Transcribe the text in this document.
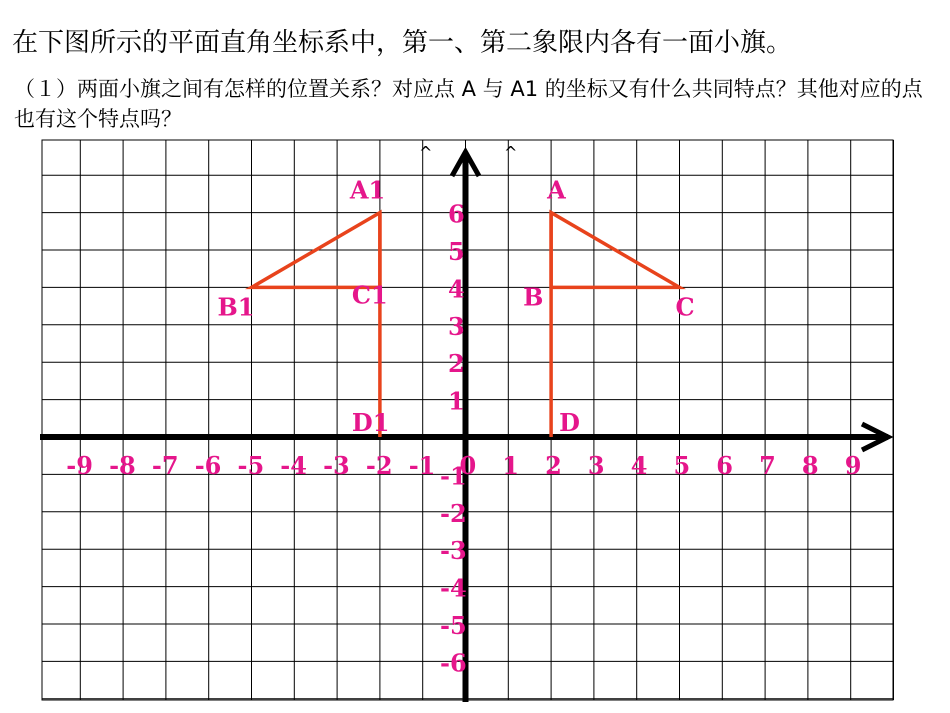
在下图所示的平面直角坐标系中，第一、第二象限内各有一面小旗。
（１）两面小旗之间有怎样的位置关系？对应点 A 与 A1 的坐标又有什么共同特点？其他对应的点也有这个特点吗？
^	^
-9 -8 -7 -6 -5 -4 -3 -2 -1 0 1 2 3 4 5 6 7 8 9
6
5
4
3
2
1
-1
-2
-3
-4
-5
-6
A
B	C
D
A1
B1	C1
D1
